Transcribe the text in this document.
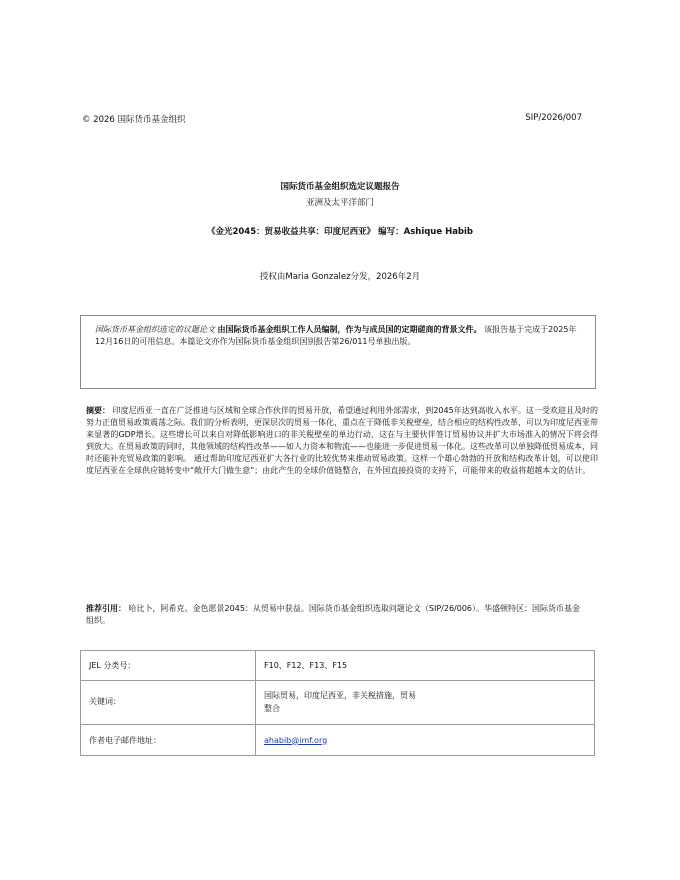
© 2026 国际货币基金组织	SIP/2026/007
国际货币基金组织选定议题报告
亚洲及太平洋部门
《金光2045：贸易收益共享：印度尼西亚》 编写：Ashique Habib
授权由Maria Gonzalez分发，2026年2月
国际货币基金组织选定的议题论文 由国际货币基金组织工作人员编制，作为与成员国的定期磋商的背景文件。 该报告基于完成于2025年12月16日的可用信息。本篇论文亦作为国际货币基金组织国别报告第26/011号单独出版。
摘要： 印度尼西亚一直在广泛推进与区域和全球合作伙伴的贸易开放，希望通过利用外部需求，到2045年达到高收入水平。这一受欢迎且及时的努力正值贸易政策震荡之际。我们的分析表明，更深层次的贸易一体化，重点在于降低非关税壁垒，结合相应的结构性改革，可以为印度尼西亚带来显著的GDP增长。这些增长可以来自对降低影响进口的非关税壁垒的单边行动，这在与主要伙伴签订贸易协议并扩大市场准入的情况下将会得到放大。在贸易政策的同时，其他领域的结构性改革——如人力资本和物流——也能进一步促进贸易一体化。这些改革可以单独降低贸易成本，同时还能补充贸易政策的影响。 通过帮助印度尼西亚扩大各行业的比较优势来推动贸易政策。这样一个雄心勃勃的开放和结构改革计划，可以使印度尼西亚在全球供应链转变中“敞开大门做生意”；由此产生的全球价值链整合，在外国直接投资的支持下，可能带来的收益将超越本文的估计。
推荐引用： 哈比卜，阿希克。金色愿景2045：从贸易中获益。国际货币基金组织选取问题论文（SIP/26/006）。华盛顿特区：国际货币基金组织。
JEL 分类号：	F10、F12、F13、F15
关键词：	国际贸易，印度尼西亚，非关税措施，贸易
整合

作者电子邮件地址：	ahabib@imf.org
